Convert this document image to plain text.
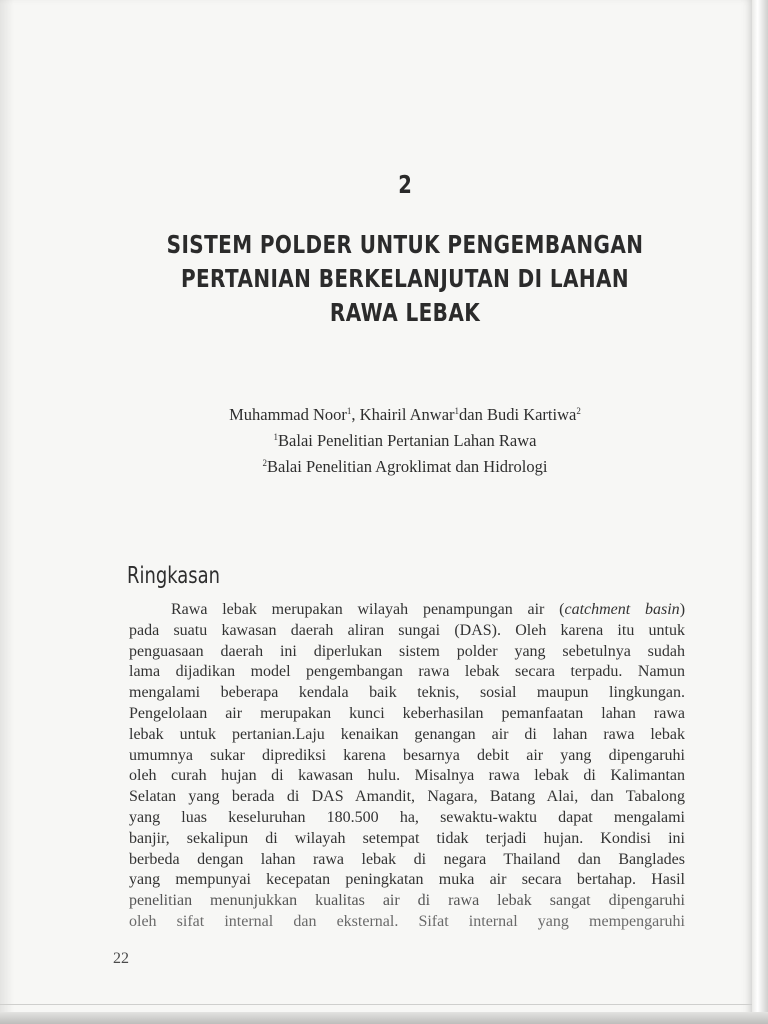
2
SISTEM POLDER UNTUK PENGEMBANGAN
PERTANIAN BERKELANJUTAN DI LAHAN
RAWA LEBAK
Muhammad Noor$^1$, Khairil Anwar$^1$dan Budi Kartiwa$^2$
$^1$Balai Penelitian Pertanian Lahan Rawa
$^2$Balai Penelitian Agroklimat dan Hidrologi
Ringkasan
Rawa lebak merupakan wilayah penampungan air (catchment basin)
pada suatu kawasan daerah aliran sungai (DAS). Oleh karena itu untuk
penguasaan daerah ini diperlukan sistem polder yang sebetulnya sudah
lama dijadikan model pengembangan rawa lebak secara terpadu. Namun
mengalami beberapa kendala baik teknis, sosial maupun lingkungan.
Pengelolaan air merupakan kunci keberhasilan pemanfaatan lahan rawa
lebak untuk pertanian.Laju kenaikan genangan air di lahan rawa lebak
umumnya sukar diprediksi karena besarnya debit air yang dipengaruhi
oleh curah hujan di kawasan hulu. Misalnya rawa lebak di Kalimantan
Selatan yang berada di DAS Amandit, Nagara, Batang Alai, dan Tabalong
yang luas keseluruhan 180.500 ha, sewaktu-waktu dapat mengalami
banjir, sekalipun di wilayah setempat tidak terjadi hujan. Kondisi ini
berbeda dengan lahan rawa lebak di negara Thailand dan Banglades
yang mempunyai kecepatan peningkatan muka air secara bertahap. Hasil
penelitian menunjukkan kualitas air di rawa lebak sangat dipengaruhi
oleh sifat internal dan eksternal. Sifat internal yang mempengaruhi
22
